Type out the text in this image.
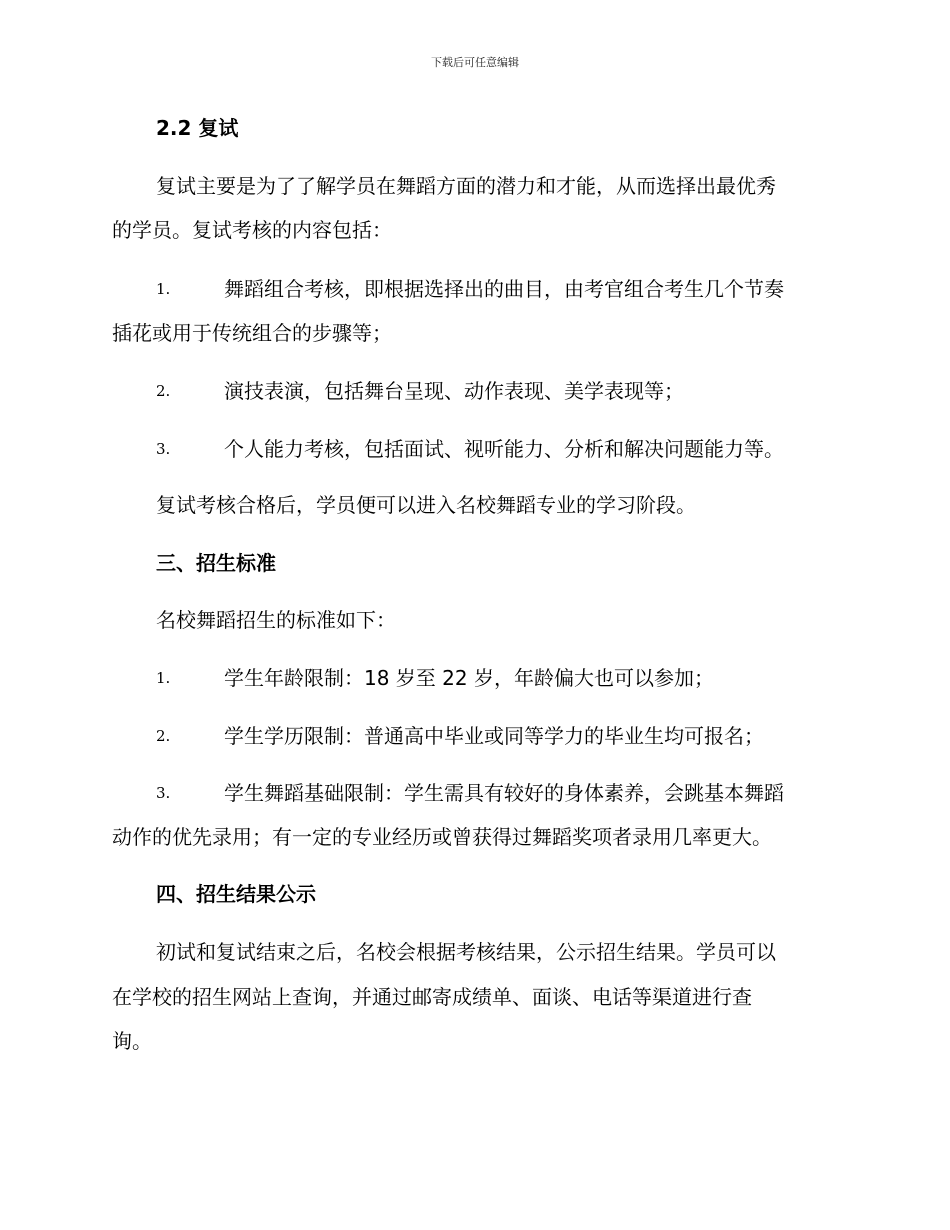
下载后可任意编辑
2.2 复试
复试主要是为了了解学员在舞蹈方面的潜力和才能，从而选择出最优秀
的学员。复试考核的内容包括：
1.	舞蹈组合考核，即根据选择出的曲目，由考官组合考生几个节奏
插花或用于传统组合的步骤等；
2.	演技表演，包括舞台呈现、动作表现、美学表现等；
3.	个人能力考核，包括面试、视听能力、分析和解决问题能力等。
复试考核合格后，学员便可以进入名校舞蹈专业的学习阶段。
三、招生标准
名校舞蹈招生的标准如下：
1.	学生年龄限制：18 岁至 22 岁，年龄偏大也可以参加；
2.	学生学历限制：普通高中毕业或同等学力的毕业生均可报名；
3.	学生舞蹈基础限制：学生需具有较好的身体素养，会跳基本舞蹈
动作的优先录用；有一定的专业经历或曾获得过舞蹈奖项者录用几率更大。
四、招生结果公示
初试和复试结束之后，名校会根据考核结果，公示招生结果。学员可以
在学校的招生网站上查询，并通过邮寄成绩单、面谈、电话等渠道进行查
询。
